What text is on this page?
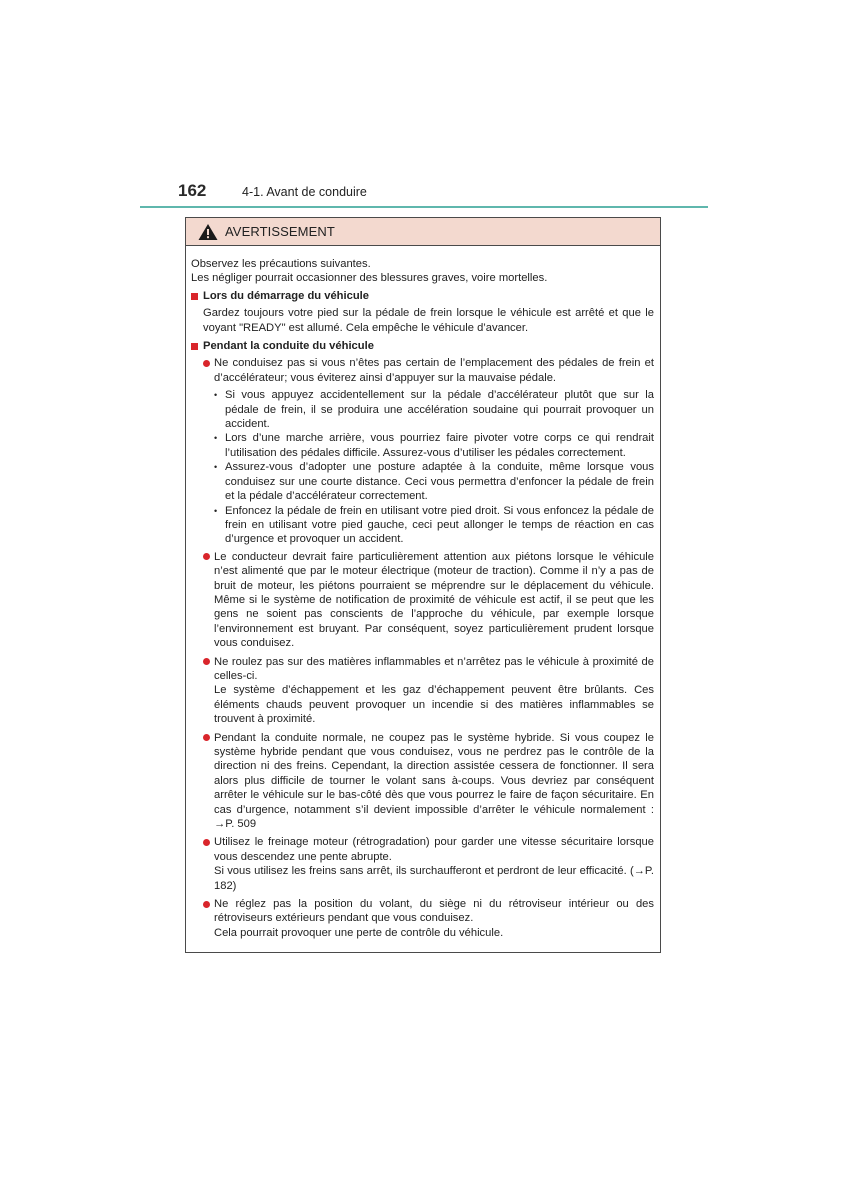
162	4-1. Avant de conduire
AVERTISSEMENT

Observez les précautions suivantes.

Les négliger pourrait occasionner des blessures graves, voire mortelles.

Lors du démarrage du véhicule

Gardez toujours votre pied sur la pédale de frein lorsque le véhicule est arrêté et que le voyant "READY" est allumé. Cela empêche le véhicule d’avancer.

Pendant la conduite du véhicule
Ne conduisez pas si vous n’êtes pas certain de l’emplacement des pédales de frein et d’accélérateur; vous éviterez ainsi d’appuyer sur la mauvaise pédale.
• Si vous appuyez accidentellement sur la pédale d’accélérateur plutôt que sur la pédale de frein, il se produira une accélération soudaine qui pourrait provoquer un accident.
• Lors d’une marche arrière, vous pourriez faire pivoter votre corps ce qui rendrait l’utilisation des pédales difficile. Assurez-vous d’utiliser les pédales correctement.
• Assurez-vous d’adopter une posture adaptée à la conduite, même lorsque vous conduisez sur une courte distance. Ceci vous permettra d’enfoncer la pédale de frein et la pédale d’accélérateur correctement.
• Enfoncez la pédale de frein en utilisant votre pied droit. Si vous enfoncez la pédale de frein en utilisant votre pied gauche, ceci peut allonger le temps de réaction en cas d’urgence et provoquer un accident.
Le conducteur devrait faire particulièrement attention aux piétons lorsque le véhicule n’est alimenté que par le moteur électrique (moteur de traction). Comme il n’y a pas de bruit de moteur, les piétons pourraient se méprendre sur le déplacement du véhicule. Même si le système de notification de proximité de véhicule est actif, il se peut que les gens ne soient pas conscients de l’approche du véhicule, par exemple lorsque l’environnement est bruyant. Par conséquent, soyez particulièrement prudent lorsque vous conduisez.

Ne roulez pas sur des matières inflammables et n’arrêtez pas le véhicule à proximité de celles-ci.

Le système d’échappement et les gaz d’échappement peuvent être brûlants. Ces éléments chauds peuvent provoquer un incendie si des matières inflammables se trouvent à proximité.

Pendant la conduite normale, ne coupez pas le système hybride. Si vous coupez le système hybride pendant que vous conduisez, vous ne perdrez pas le contrôle de la direction ni des freins. Cependant, la direction assistée cessera de fonctionner. Il sera alors plus difficile de tourner le volant sans à-coups. Vous devriez par conséquent arrêter le véhicule sur le bas-côté dès que vous pourrez le faire de façon sécuritaire. En cas d’urgence, notamment s’il devient impossible d’arrêter le véhicule normalement : →P. 509

Utilisez le freinage moteur (rétrogradation) pour garder une vitesse sécuritaire lorsque vous descendez une pente abrupte.

Si vous utilisez les freins sans arrêt, ils surchaufferont et perdront de leur efficacité. (→P. 182)

Ne réglez pas la position du volant, du siège ni du rétroviseur intérieur ou des rétroviseurs extérieurs pendant que vous conduisez.

Cela pourrait provoquer une perte de contrôle du véhicule.
